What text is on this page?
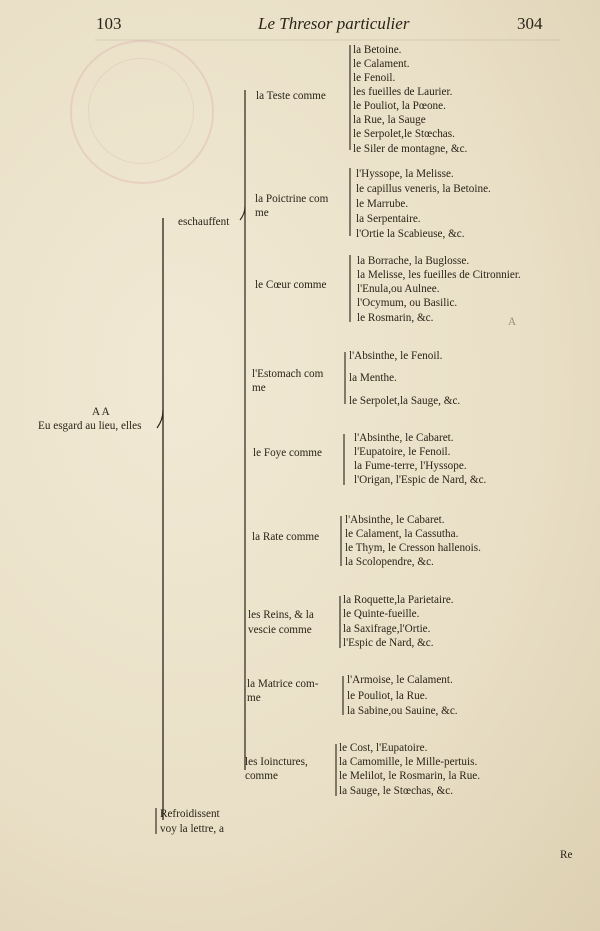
103	Le Thresor particulier	304
A A
Eu esgard au lieu, elles
eschauffent
Refroidissent
voy la lettre, a
A
Re
la Teste comme
la Betoine.
le Calament.
le Fenoil.
les fueilles de Laurier.
le Pouliot, la Pœone.
la Rue, la Sauge
le Serpolet,le Stœchas.
le Siler de montagne, &c.
la Poictrine com
me
l'Hyssope, la Melisse.
le capillus veneris, la Betoine.
le Marrube.
la Serpentaire.
l'Ortie la Scabieuse, &c.
le Cœur comme
la Borrache, la Buglosse.
la Melisse, les fueilles de Citronnier.
l'Enula,ou Aulnee.
l'Ocymum, ou Basilic.
le Rosmarin, &c.
l'Estomach com
me
l'Absinthe, le Fenoil.
la Menthe.
le Serpolet,la Sauge, &c.
le Foye comme
l'Absinthe, le Cabaret.
l'Eupatoire, le Fenoil.
la Fume-terre, l'Hyssope.
l'Origan, l'Espic de Nard, &c.
la Rate comme
l'Absinthe, le Cabaret.
le Calament, la Cassutha.
le Thym, le Cresson hallenois.
la Scolopendre, &c.
les Reins, & la
vescie comme
la Roquette,la Parietaire.
le Quinte-fueille.
la Saxifrage,l'Ortie.
l'Espic de Nard, &c.
la Matrice com-
me
l'Armoise, le Calament.
le Pouliot, la Rue.
la Sabine,ou Sauine, &c.
les Ioinctures,
comme
le Cost, l'Eupatoire.
la Camomille, le Mille-pertuis.
le Melilot, le Rosmarin, la Rue.
la Sauge, le Stœchas, &c.
